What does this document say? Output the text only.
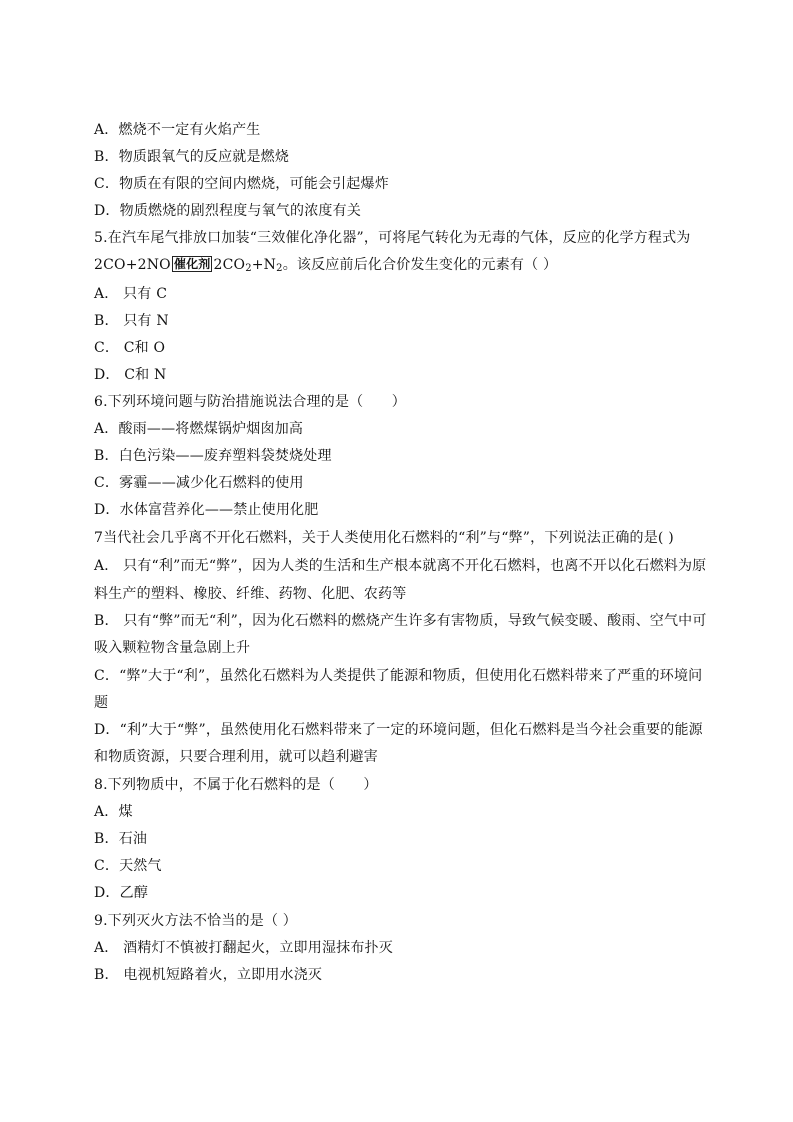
A．燃烧不一定有火焰产生
B．物质跟氧气的反应就是燃烧
C．物质在有限的空间内燃烧，可能会引起爆炸
D．物质燃烧的剧烈程度与氧气的浓度有关
5.在汽车尾气排放口加装“三效催化净化器”，可将尾气转化为无毒的气体，反应的化学方程式为
2CO+2NO 催化剂 $2CO_2+N_2$。该反应前后化合价发生变化的元素有（ ）
A． 只有 C
B． 只有 N
C． C和 O
D． C和 N
6.下列环境问题与防治措施说法合理的是（　　）
A．酸雨——将燃煤锅炉烟囱加高
B．白色污染——废弃塑料袋焚烧处理
C．雾霾——减少化石燃料的使用
D．水体富营养化——禁止使用化肥
7当代社会几乎离不开化石燃料，关于人类使用化石燃料的“利”与“弊”，下列说法正确的是( )
A． 只有“利”而无“弊”，因为人类的生活和生产根本就离不开化石燃料，也离不开以化石燃料为原
料生产的塑料、橡胶、纤维、药物、化肥、农药等
B． 只有“弊”而无“利”，因为化石燃料的燃烧产生许多有害物质，导致气候变暖、酸雨、空气中可
吸入颗粒物含量急剧上升
C．“弊”大于“利”，虽然化石燃料为人类提供了能源和物质，但使用化石燃料带来了严重的环境问
题
D．“利”大于“弊”，虽然使用化石燃料带来了一定的环境问题，但化石燃料是当今社会重要的能源
和物质资源，只要合理利用，就可以趋利避害
8.下列物质中，不属于化石燃料的是（　　）
A．煤
B．石油
C．天然气
D．乙醇
9.下列灭火方法不恰当的是（ ）
A． 酒精灯不慎被打翻起火，立即用湿抹布扑灭
B． 电视机短路着火，立即用水浇灭
